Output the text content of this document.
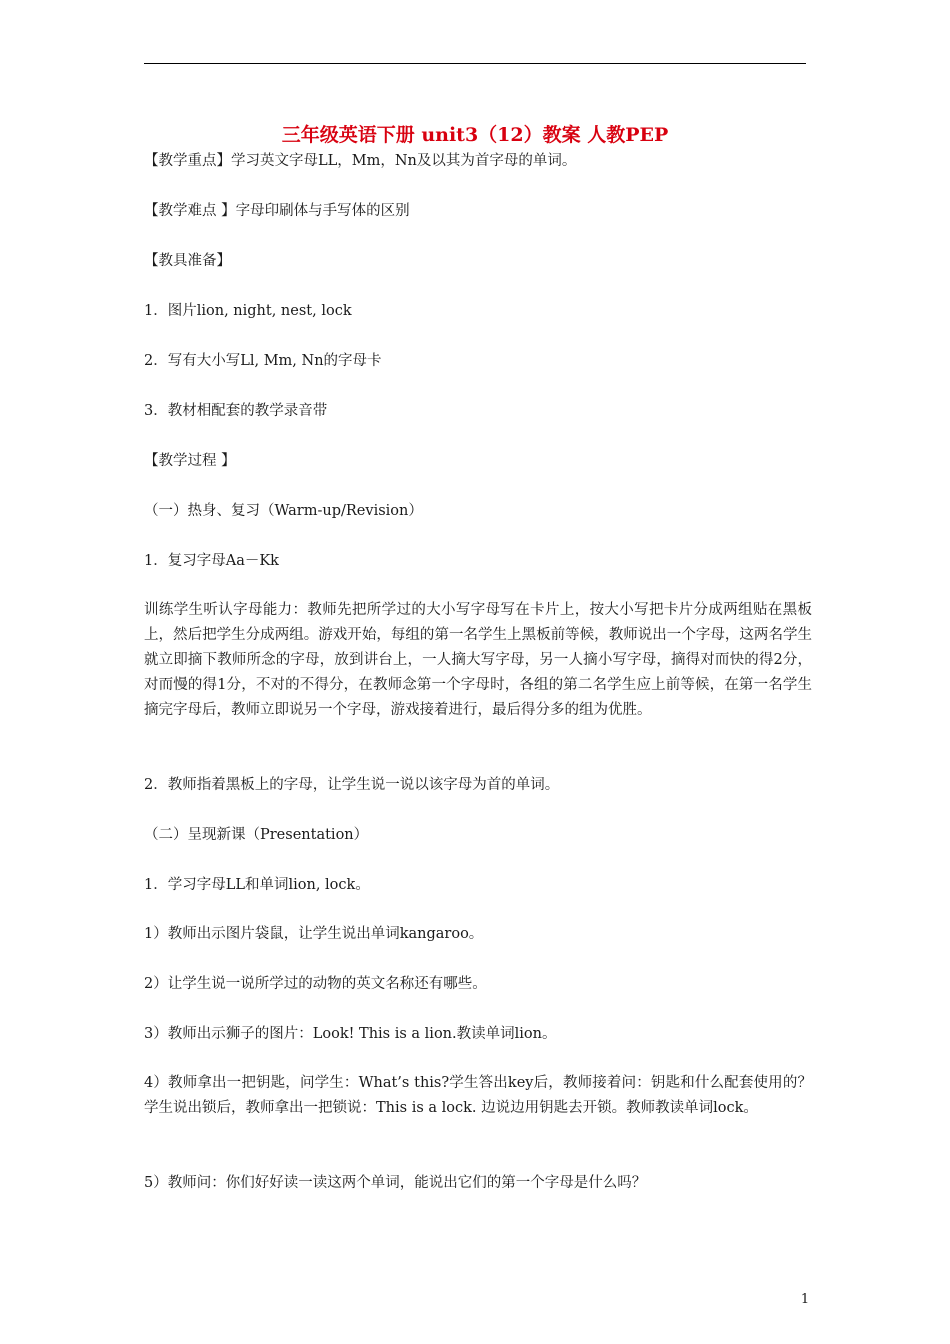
三年级英语下册 unit3（12）教案 人教PEP
【教学重点】学习英文字母LL，Mm，Nn及以其为首字母的单词。
【教学难点 】字母印刷体与手写体的区别
【教具准备】
1．图片lion, night, nest, lock
2．写有大小写Ll, Mm, Nn的字母卡
3．教材相配套的教学录音带
【教学过程 】
（一）热身、复习（Warm-up/Revision）
1．复习字母Aa－Kk
训练学生听认字母能力：教师先把所学过的大小写字母写在卡片上，按大小写把卡片分成两组贴在黑板上，然后把学生分成两组。游戏开始，每组的第一名学生上黑板前等候，教师说出一个字母，这两名学生就立即摘下教师所念的字母，放到讲台上，一人摘大写字母，另一人摘小写字母，摘得对而快的得2分，对而慢的得1分，不对的不得分，在教师念第一个字母时，各组的第二名学生应上前等候，在第一名学生摘完字母后，教师立即说另一个字母，游戏接着进行，最后得分多的组为优胜。
2．教师指着黑板上的字母，让学生说一说以该字母为首的单词。
（二）呈现新课（Presentation）
1．学习字母LL和单词lion, lock。
1）教师出示图片袋鼠，让学生说出单词kangaroo。
2）让学生说一说所学过的动物的英文名称还有哪些。
3）教师出示狮子的图片：Look! This is a lion.教读单词lion。
4）教师拿出一把钥匙，问学生：What’s this?学生答出key后，教师接着问：钥匙和什么配套使用的？学生说出锁后，教师拿出一把锁说：This is a lock. 边说边用钥匙去开锁。教师教读单词lock。
5）教师问：你们好好读一读这两个单词，能说出它们的第一个字母是什么吗？
1
